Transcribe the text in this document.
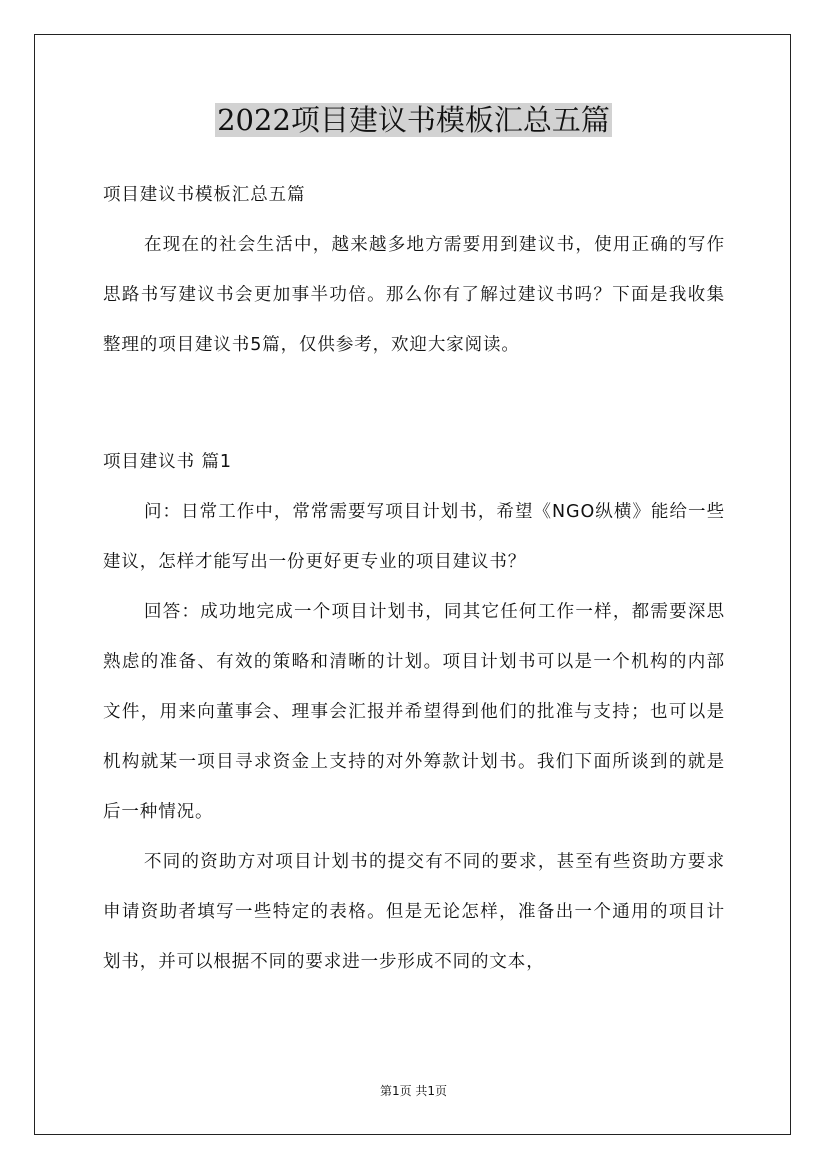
2022项目建议书模板汇总五篇

项目建议书模板汇总五篇

在现在的社会生活中，越来越多地方需要用到建议书，使用正确的写作思路书写建议书会更加事半功倍。那么你有了解过建议书吗？下面是我收集整理的项目建议书5篇，仅供参考，欢迎大家阅读。

项目建议书 篇1

问：日常工作中，常常需要写项目计划书，希望《NGO纵横》能给一些建议，怎样才能写出一份更好更专业的项目建议书？

回答：成功地完成一个项目计划书，同其它任何工作一样，都需要深思熟虑的准备、有效的策略和清晰的计划。项目计划书可以是一个机构的内部文件，用来向董事会、理事会汇报并希望得到他们的批准与支持；也可以是机构就某一项目寻求资金上支持的对外筹款计划书。我们下面所谈到的就是后一种情况。

不同的资助方对项目计划书的提交有不同的要求，甚至有些资助方要求申请资助者填写一些特定的表格。但是无论怎样，准备出一个通用的项目计划书，并可以根据不同的要求进一步形成不同的文本，

第1页 共1页
